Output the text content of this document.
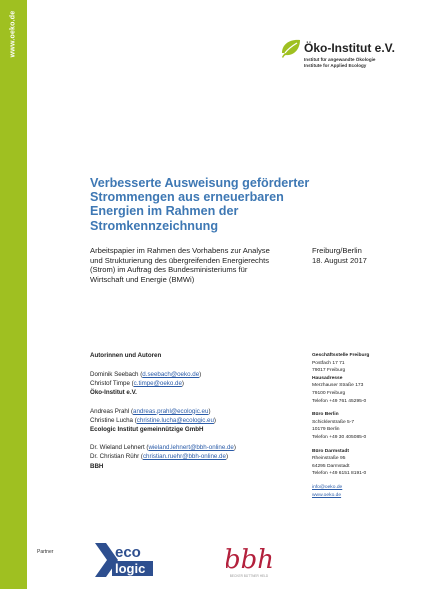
www.oeko.de	Öko-Institut e.V.
Institut für angewandte Ökologie
Institute for Applied Ecology
Verbesserte Ausweisung geförderter
Strommengen aus erneuerbaren
Energien im Rahmen der
Stromkennzeichnung
Arbeitspapier im Rahmen des Vorhabens zur Analyse
und Strukturierung des übergreifenden Energierechts
(Strom) im Auftrag des Bundesministeriums für
Wirtschaft und Energie (BMWi)
Freiburg/Berlin
18. August 2017
Autorinnen und Autoren
Dominik Seebach (d.seebach@oeko.de)
Christof Timpe (c.timpe@oeko.de)
Öko-Institut e.V.
Andreas Prahl (andreas.prahl@ecologic.eu)
Christine Lucha (christine.lucha@ecologic.eu)
Ecologic Institut gemeinnützige GmbH
Dr. Wieland Lehnert (wieland.lehnert@bbh-online.de)
Dr. Christian Rühr (christian.ruehr@bbh-online.de)
BBH
Geschäftsstelle Freiburg
Postfach 17 71
79017 Freiburg
Hausadresse
Merzhauser Straße 173
79100 Freiburg
Telefon +49 761 45295-0
Büro Berlin
Schicklerstraße 5-7
10179 Berlin
Telefon +49 30 405085-0
Büro Darmstadt
Rheinstraße 95
64295 Darmstadt
Telefon +49 6151 8191-0
info@oeko.de
www.oeko.de
Partner	eco
logic	bbh
BECKER BÜTTNER HELD
